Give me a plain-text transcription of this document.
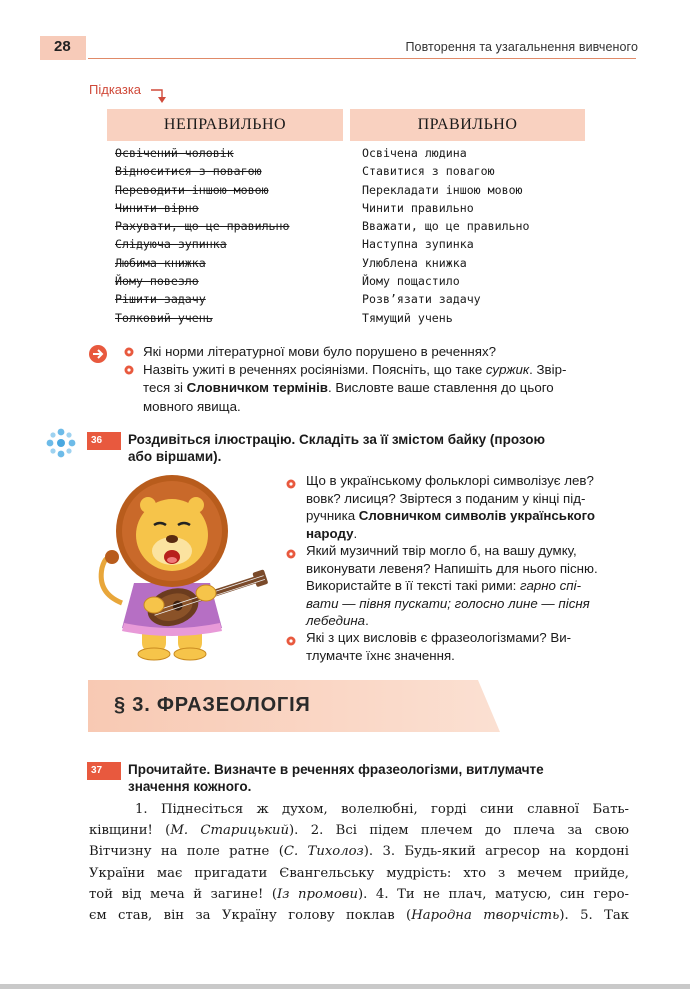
28	Повторення та узагальнення вивченого
Підказка
НЕПРАВИЛЬНО	ПРАВИЛЬНО
Освічений чоловік
Відноситися з повагою
Переводити іншою мовою
Чинити вірно
Рахувати, що це правильно
Слідуюча зупинка
Любима книжка
Йому повезло
Рішити задачу
Толковий учень
Освічена людина
Ставитися з повагою
Перекладати іншою мовою
Чинити правильно
Вважати, що це правильно
Наступна зупинка
Улюблена книжка
Йому пощастило
Розв’язати задачу
Тямущий учень
Які норми літературної мови було порушено в реченнях?
Назвіть ужиті в реченнях росіянізми. Поясніть, що таке суржик. Звір-
теся зі Словничком термінів. Висловте ваше ставлення до цього
мовного явища.
36 Роздивіться ілюстрацію. Складіть за її змістом байку (прозою
або віршами).
Що в українському фольклорі символізує лев?
вовк? лисиця? Звіртеся з поданим у кінці під-
ручника Словничком символів українського
народу.
Який музичний твір могло б, на вашу думку,
виконувати левеня? Напишіть для нього пісню.
Використайте в її тексті такі рими: гарно спі-
вати — півня пускати; голосно лине — пісня
лебедина.
Які з цих висловів є фразеологізмами? Ви-
тлумачте їхнє значення.
§ 3. ФРАЗЕОЛОГІЯ
37 Прочитайте. Визначте в реченнях фразеологізми, витлумачте
значення кожного.
1. Піднесіться ж духом, волелюбні, горді сини славної Бать-
ківщини! (М. Старицький). 2. Всі підем плечем до плеча за свою
Вітчизну на поле ратне (С. Тихолоз). 3. Будь-який агресор на кордоні
України має пригадати Євангельську мудрість: хто з мечем прийде,
той від меча й загине! (Із промови). 4. Ти не плач, матусю, син геро-
єм став, він за Україну голову поклав (Народна творчість). 5. Так
